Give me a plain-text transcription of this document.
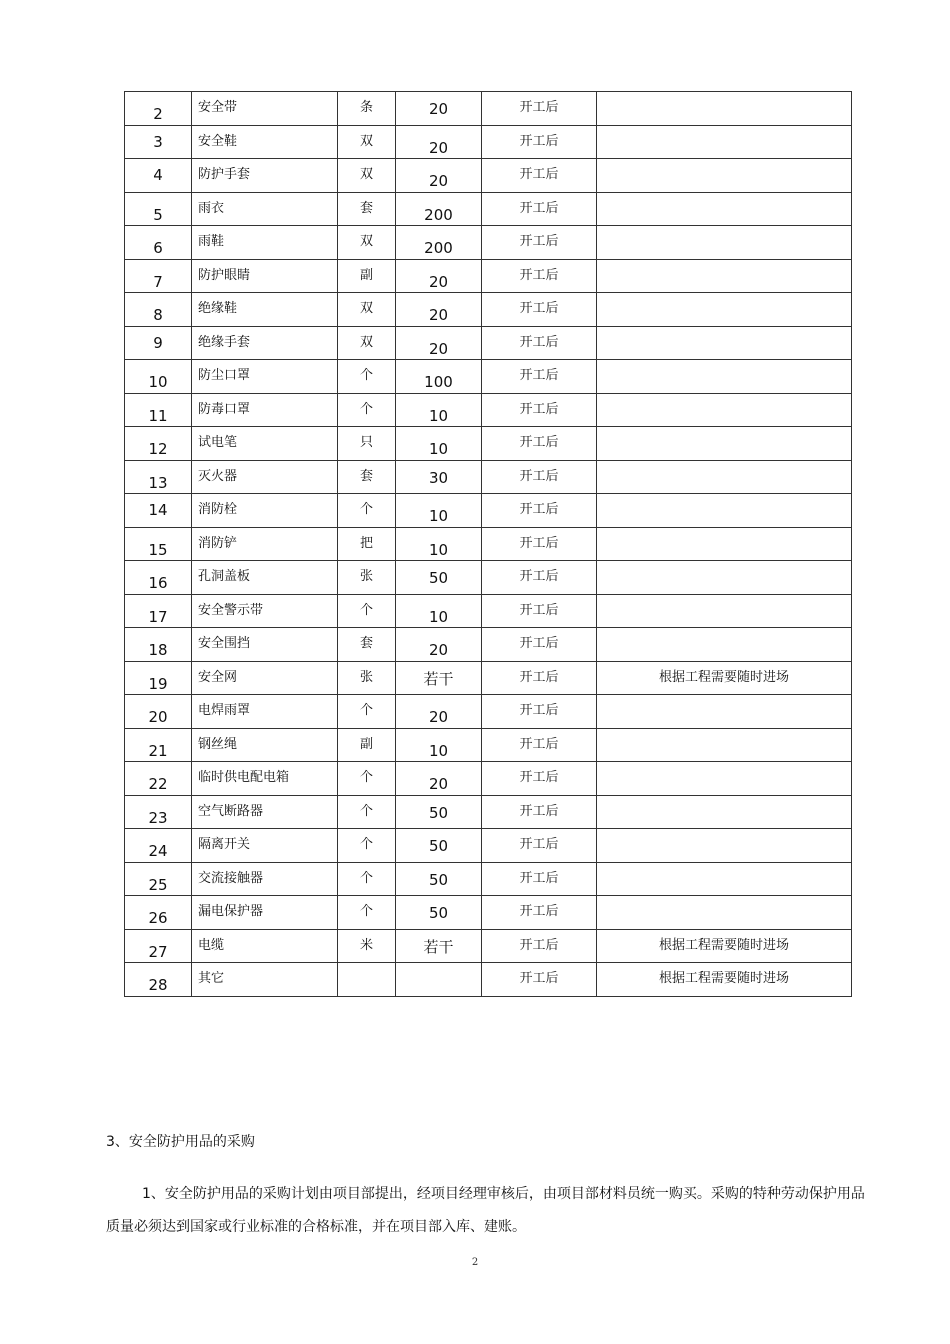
2	安全带	条	20	开工后	

3	安全鞋	双	20	开工后	

4	防护手套	双	20	开工后	

5	雨衣	套	200	开工后	

6	雨鞋	双	200	开工后	

7	防护眼睛	副	20	开工后	

8	绝缘鞋	双	20	开工后	

9	绝缘手套	双	20	开工后	

10	防尘口罩	个	100	开工后	

11	防毒口罩	个	10	开工后	

12	试电笔	只	10	开工后	

13	灭火器	套	30	开工后	

14	消防栓	个	10	开工后	

15	消防铲	把	10	开工后	

16	孔洞盖板	张	50	开工后	

17	安全警示带	个	10	开工后	

18	安全围挡	套	20	开工后	

19	安全网	张	若干	开工后	根据工程需要随时进场

20	电焊雨罩	个	20	开工后	

21	钢丝绳	副	10	开工后	

22	临时供电配电箱	个	20	开工后	

23	空气断路器	个	50	开工后	

24	隔离开关	个	50	开工后	

25	交流接触器	个	50	开工后	

26	漏电保护器	个	50	开工后	

27	电缆	米	若干	开工后	根据工程需要随时进场

28	其它			开工后	根据工程需要随时进场
3、安全防护用品的采购
1、安全防护用品的采购计划由项目部提出，经项目经理审核后，由项目部材料员统一购买。采购的特种劳动保护用品质量必须达到国家或行业标准的合格标准，并在项目部入库、建账。
2
